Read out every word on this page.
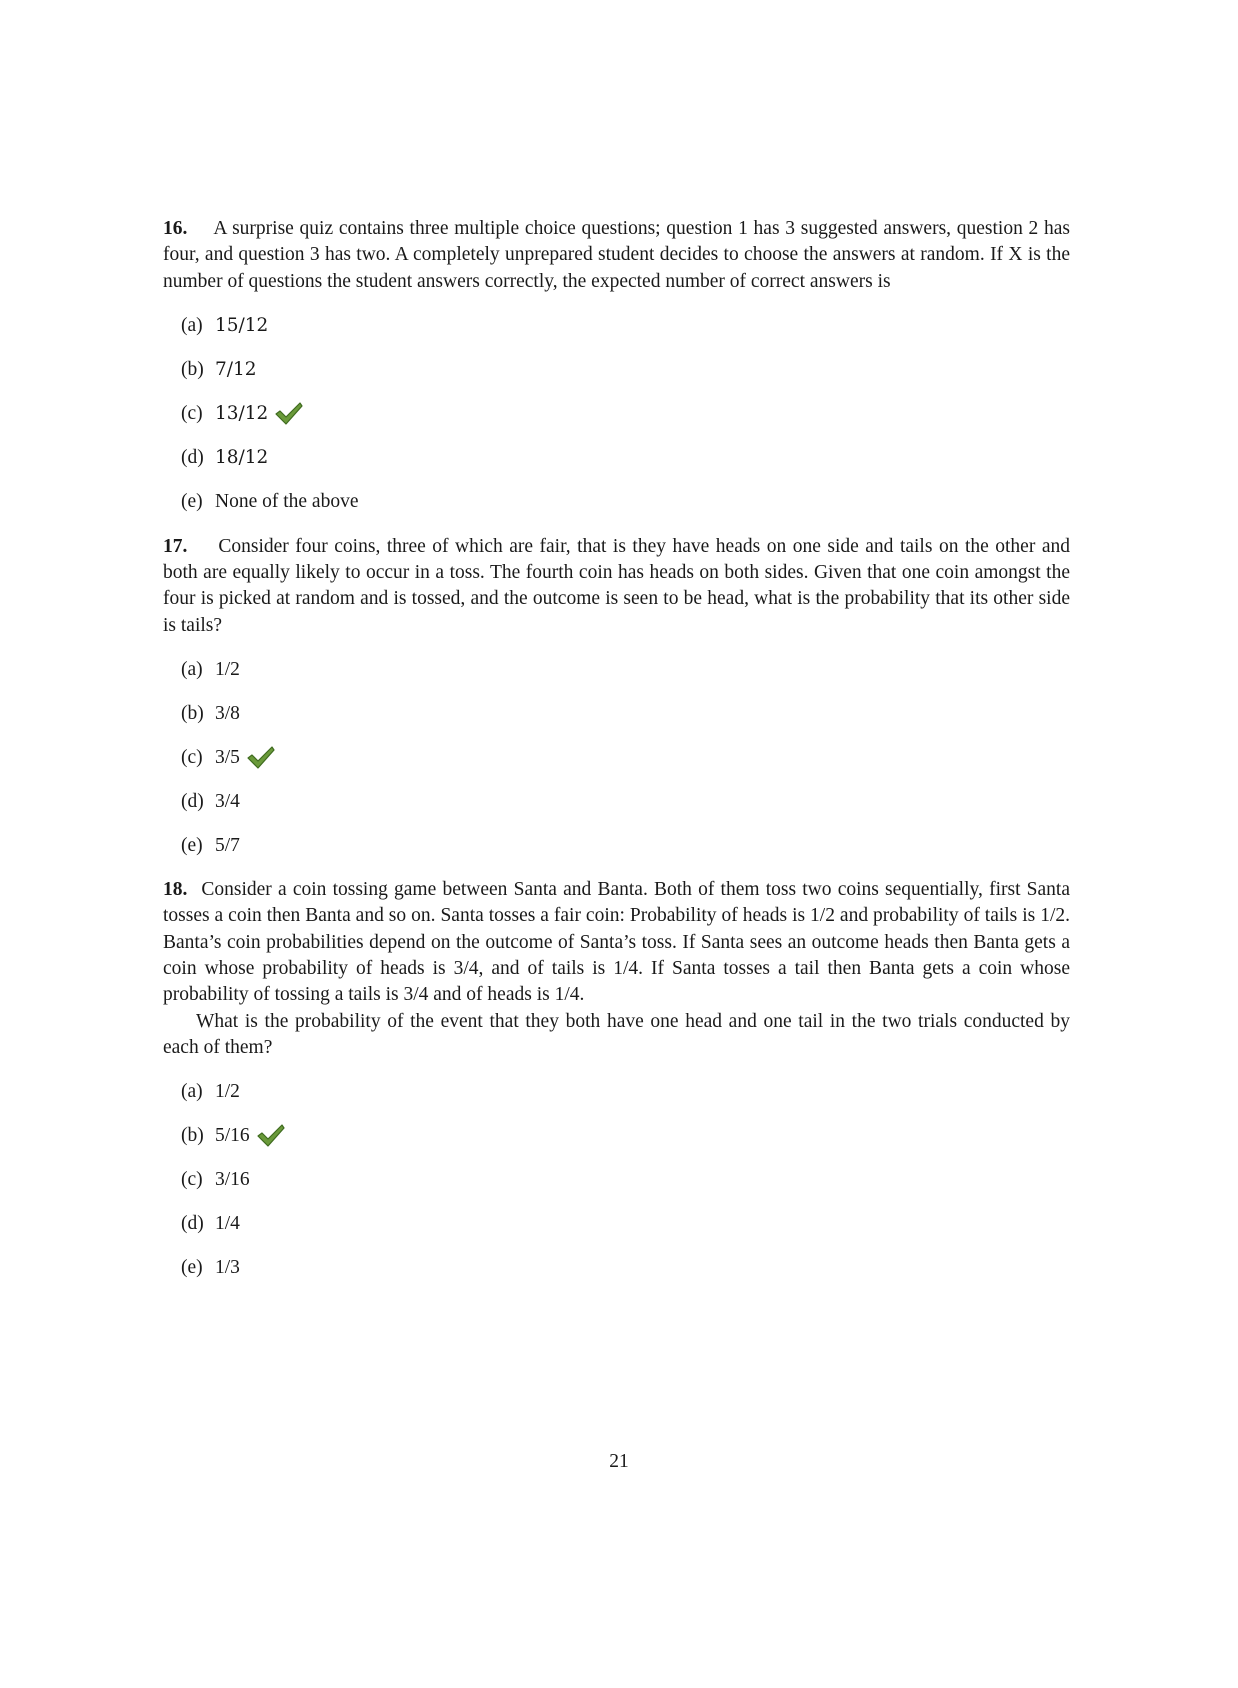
16. A surprise quiz contains three multiple choice questions; question 1 has 3 suggested answers, question 2 has four, and question 3 has two. A completely unprepared student decides to choose the answers at random. If X is the number of questions the student answers correctly, the expected number of correct answers is

(a) 15/12
(b) 7/12
(c) 13/12
(d) 18/12
(e) None of the above

17. Consider four coins, three of which are fair, that is they have heads on one side and tails on the other and both are equally likely to occur in a toss. The fourth coin has heads on both sides. Given that one coin amongst the four is picked at random and is tossed, and the outcome is seen to be head, what is the probability that its other side is tails?

(a) 1/2
(b) 3/8
(c) 3/5
(d) 3/4
(e) 5/7

18. Consider a coin tossing game between Santa and Banta. Both of them toss two coins sequentially, first Santa tosses a coin then Banta and so on. Santa tosses a fair coin: Probability of heads is 1/2 and probability of tails is 1/2. Banta’s coin probabilities depend on the outcome of Santa’s toss. If Santa sees an outcome heads then Banta gets a coin whose probability of heads is 3/4, and of tails is 1/4. If Santa tosses a tail then Banta gets a coin whose probability of tossing a tails is 3/4 and of heads is 1/4.

What is the probability of the event that they both have one head and one tail in the two trials conducted by each of them?

(a) 1/2
(b) 5/16
(c) 3/16
(d) 1/4
(e) 1/3
21
